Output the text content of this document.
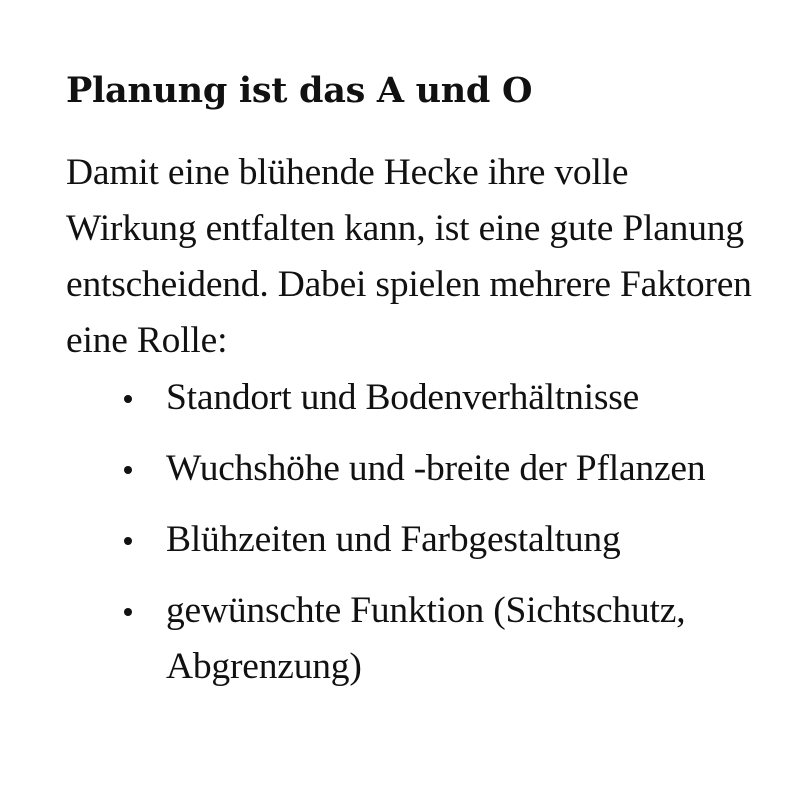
Planung ist das A und O

Damit eine blühende Hecke ihre volle Wirkung entfalten kann, ist eine gute Planung entscheidend. Dabei spielen mehrere Faktoren eine Rolle:

Standort und Bodenverhältnisse
Wuchshöhe und -breite der Pflanzen
Blühzeiten und Farbgestaltung
gewünschte Funktion (Sichtschutz,  Abgrenzung)
